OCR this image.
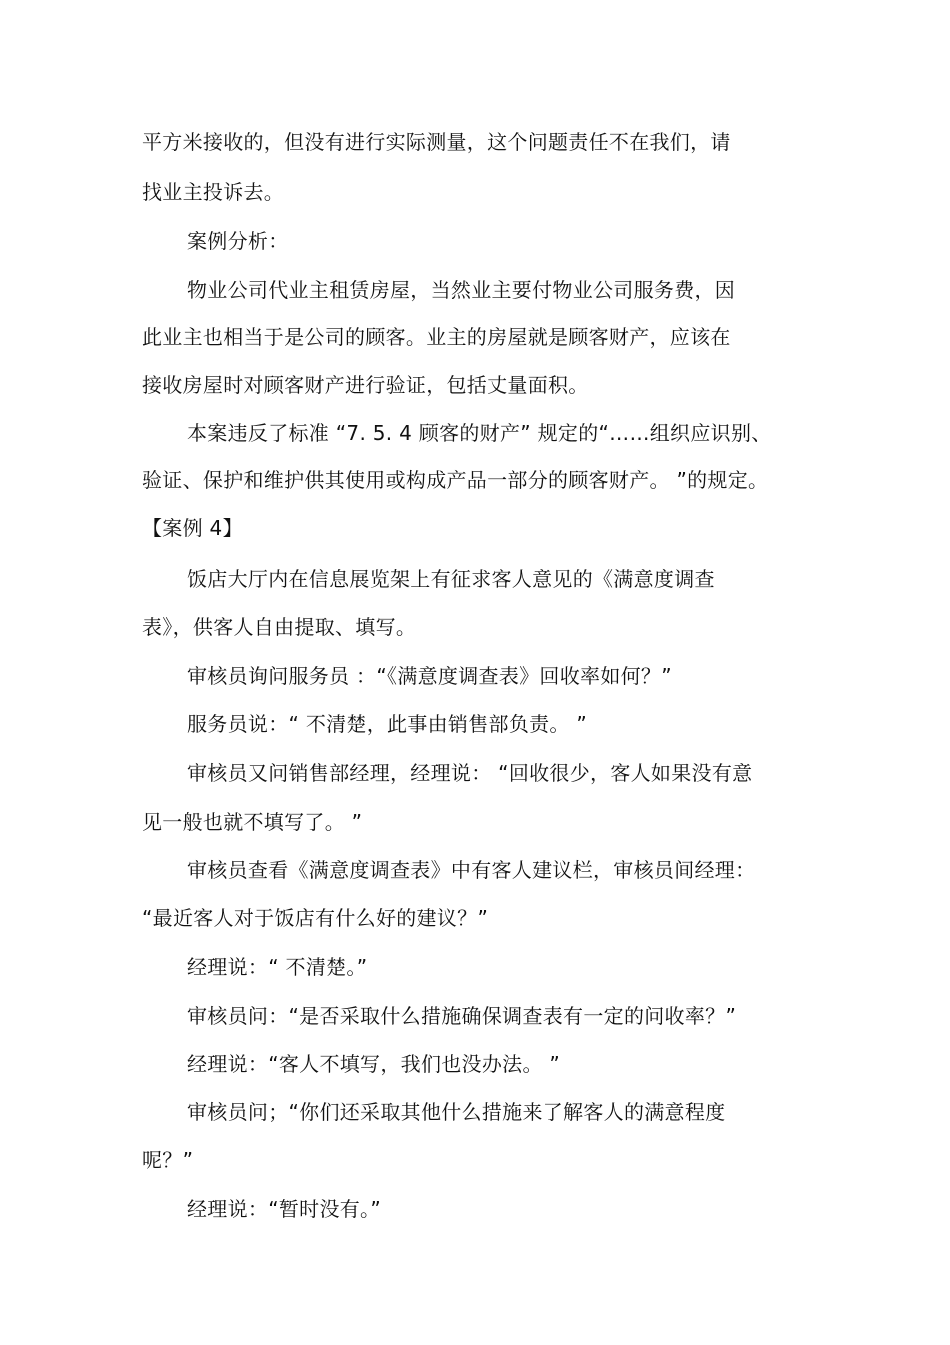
平方米接收的，但没有进行实际测量，这个问题责任不在我们，请
找业主投诉去。
案例分析：
物业公司代业主租赁房屋，当然业主要付物业公司服务费，因
此业主也相当于是公司的顾客。业主的房屋就是顾客财产，应该在
接收房屋时对顾客财产进行验证，包括丈量面积。
本案违反了标准 “7. 5. 4 顾客的财产” 规定的“……组织应识别、
验证、保护和维护供其使用或构成产品一部分的顾客财产。 ”的规定。
【案例 4】
饭店大厅内在信息展览架上有征求客人意见的《满意度调查
表》，供客人自由提取、填写。
审核员询问服务员 ：“《满意度调查表》回收率如何？”
服务员说：“ 不清楚，此事由销售部负责。 ”
审核员又问销售部经理，经理说： “回收很少，客人如果没有意
见一般也就不填写了。 ”
审核员查看《满意度调查表》中有客人建议栏，审核员间经理：
“最近客人对于饭店有什么好的建议？”
经理说：“ 不清楚。”
审核员问：“是否采取什么措施确保调查表有一定的问收率？”
经理说：“客人不填写，我们也没办法。 ”
审核员问；“你们还采取其他什么措施来了解客人的满意程度
呢？”
经理说：“暂时没有。”
